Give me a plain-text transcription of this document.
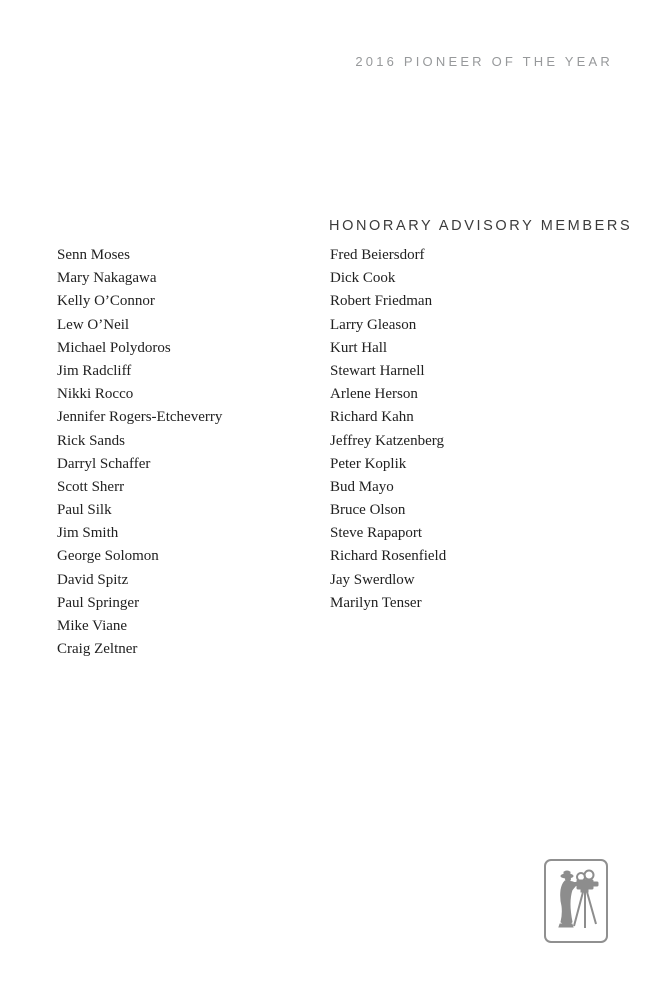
2016 PIONEER OF THE YEAR
HONORARY ADVISORY MEMBERS
Senn Moses
Mary Nakagawa
Kelly O’Connor
Lew O’Neil
Michael Polydoros
Jim Radcliff
Nikki Rocco
Jennifer Rogers-Etcheverry
Rick Sands
Darryl Schaffer
Scott Sherr
Paul Silk
Jim Smith
George Solomon
David Spitz
Paul Springer
Mike Viane
Craig Zeltner
Fred Beiersdorf
Dick Cook
Robert Friedman
Larry Gleason
Kurt Hall
Stewart Harnell
Arlene Herson
Richard Kahn
Jeffrey Katzenberg
Peter Koplik
Bud Mayo
Bruce Olson
Steve Rapaport
Richard Rosenfield
Jay Swerdlow
Marilyn Tenser
